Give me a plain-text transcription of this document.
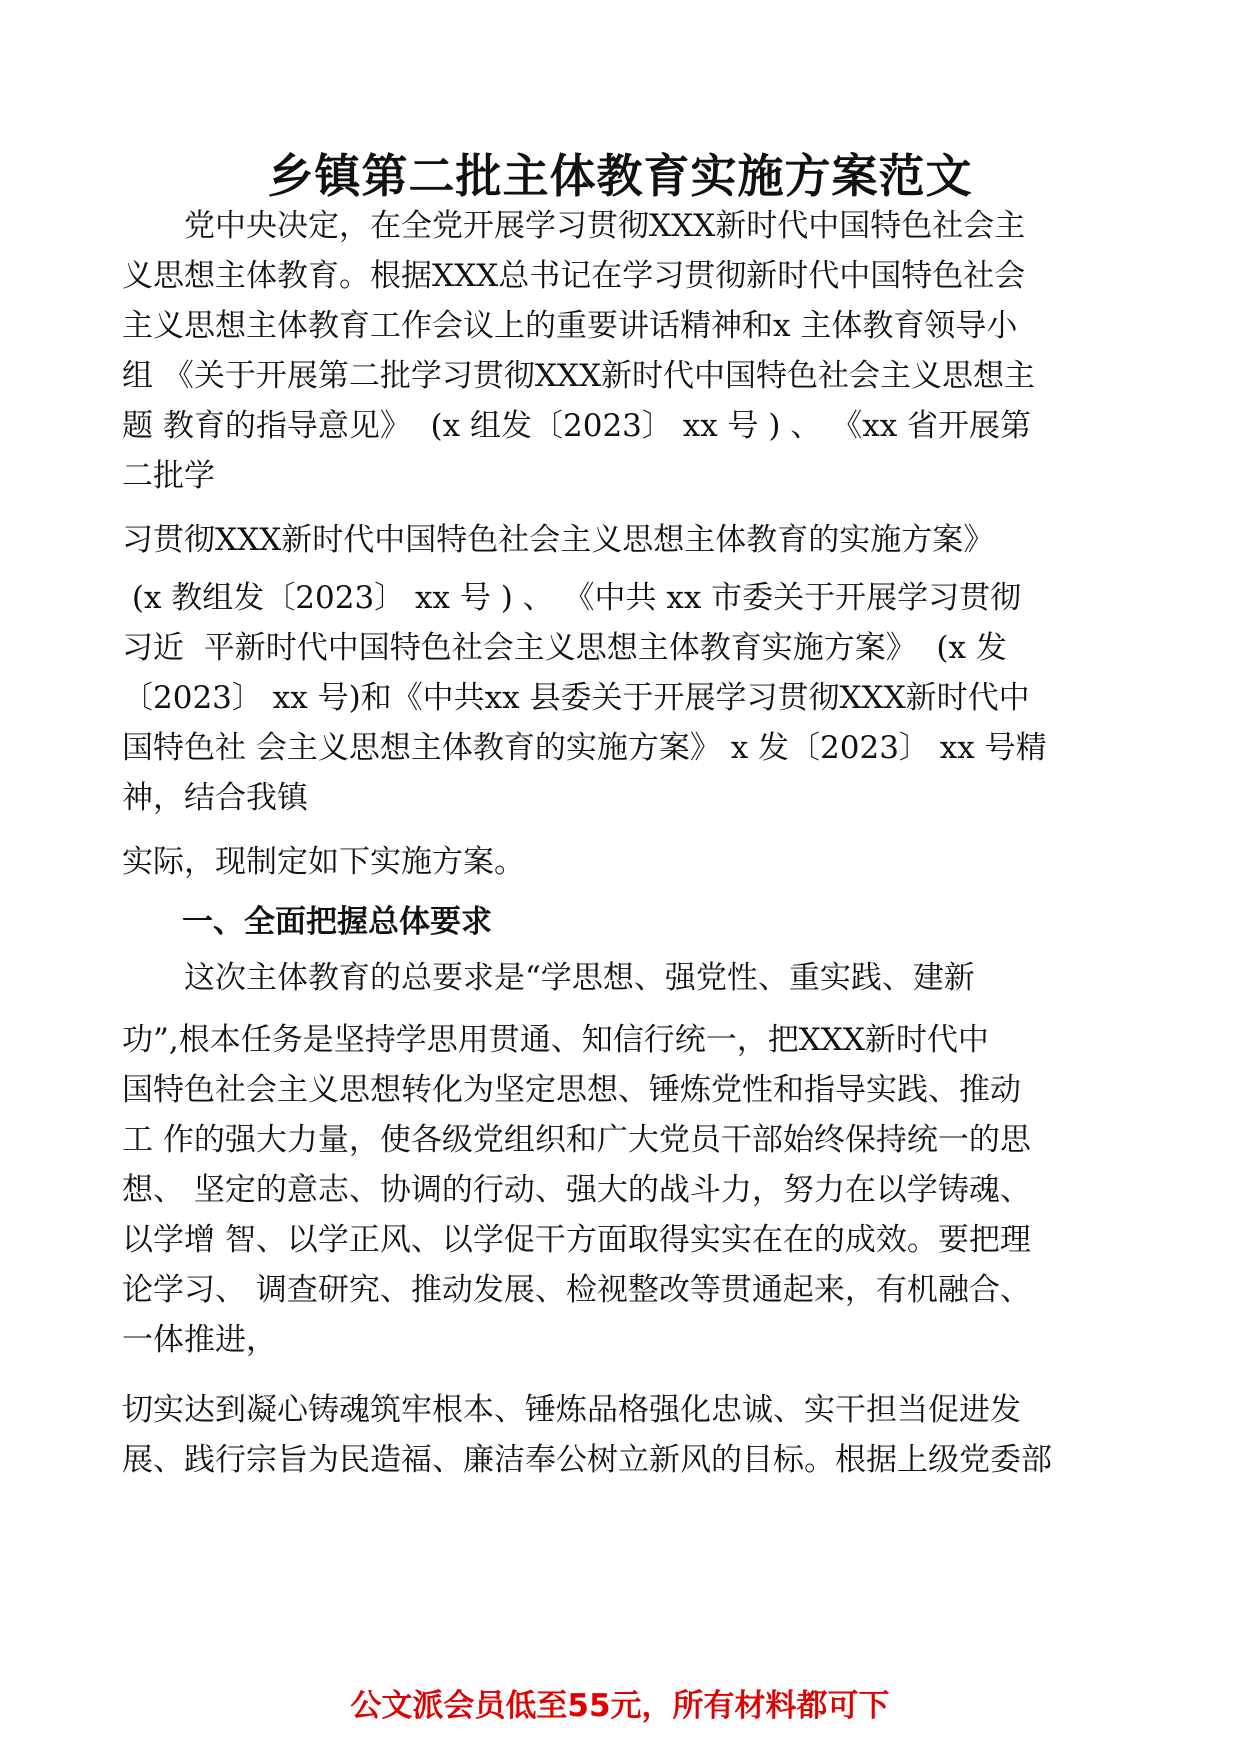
乡镇第二批主体教育实施方案范文
　　党中央决定，在全党开展学习贯彻XXX新时代中国特色社会主
义思想主体教育。根据XXX总书记在学习贯彻新时代中国特色社会
主义思想主体教育工作会议上的重要讲话精神和x 主体教育领导小
组 《关于开展第二批学习贯彻XXX新时代中国特色社会主义思想主
题 教育的指导意见》  (x 组发〔2023〕 xx 号 ) 、 《xx 省开展第
二批学
习贯彻XXX新时代中国特色社会主义思想主体教育的实施方案》
(x 教组发〔2023〕 xx 号 ) 、 《中共 xx 市委关于开展学习贯彻
习近  平新时代中国特色社会主义思想主体教育实施方案》  (x 发
〔2023〕 xx 号)和《中共xx 县委关于开展学习贯彻XXX新时代中
国特色社 会主义思想主体教育的实施方案》 x 发〔2023〕 xx 号精
神，结合我镇
实际，现制定如下实施方案。
一、全面把握总体要求
　　这次主体教育的总要求是“学思想、强党性、重实践、建新
功”,根本任务是坚持学思用贯通、知信行统一，把XXX新时代中
国特色社会主义思想转化为坚定思想、锤炼党性和指导实践、推动
工 作的强大力量，使各级党组织和广大党员干部始终保持统一的思
想、 坚定的意志、协调的行动、强大的战斗力，努力在以学铸魂、
以学增 智、以学正风、以学促干方面取得实实在在的成效。要把理
论学习、 调查研究、推动发展、检视整改等贯通起来，有机融合、
一体推进，
切实达到凝心铸魂筑牢根本、锤炼品格强化忠诚、实干担当促进发
展、践行宗旨为民造福、廉洁奉公树立新风的目标。根据上级党委部
公文派会员低至55元，所有材料都可下
